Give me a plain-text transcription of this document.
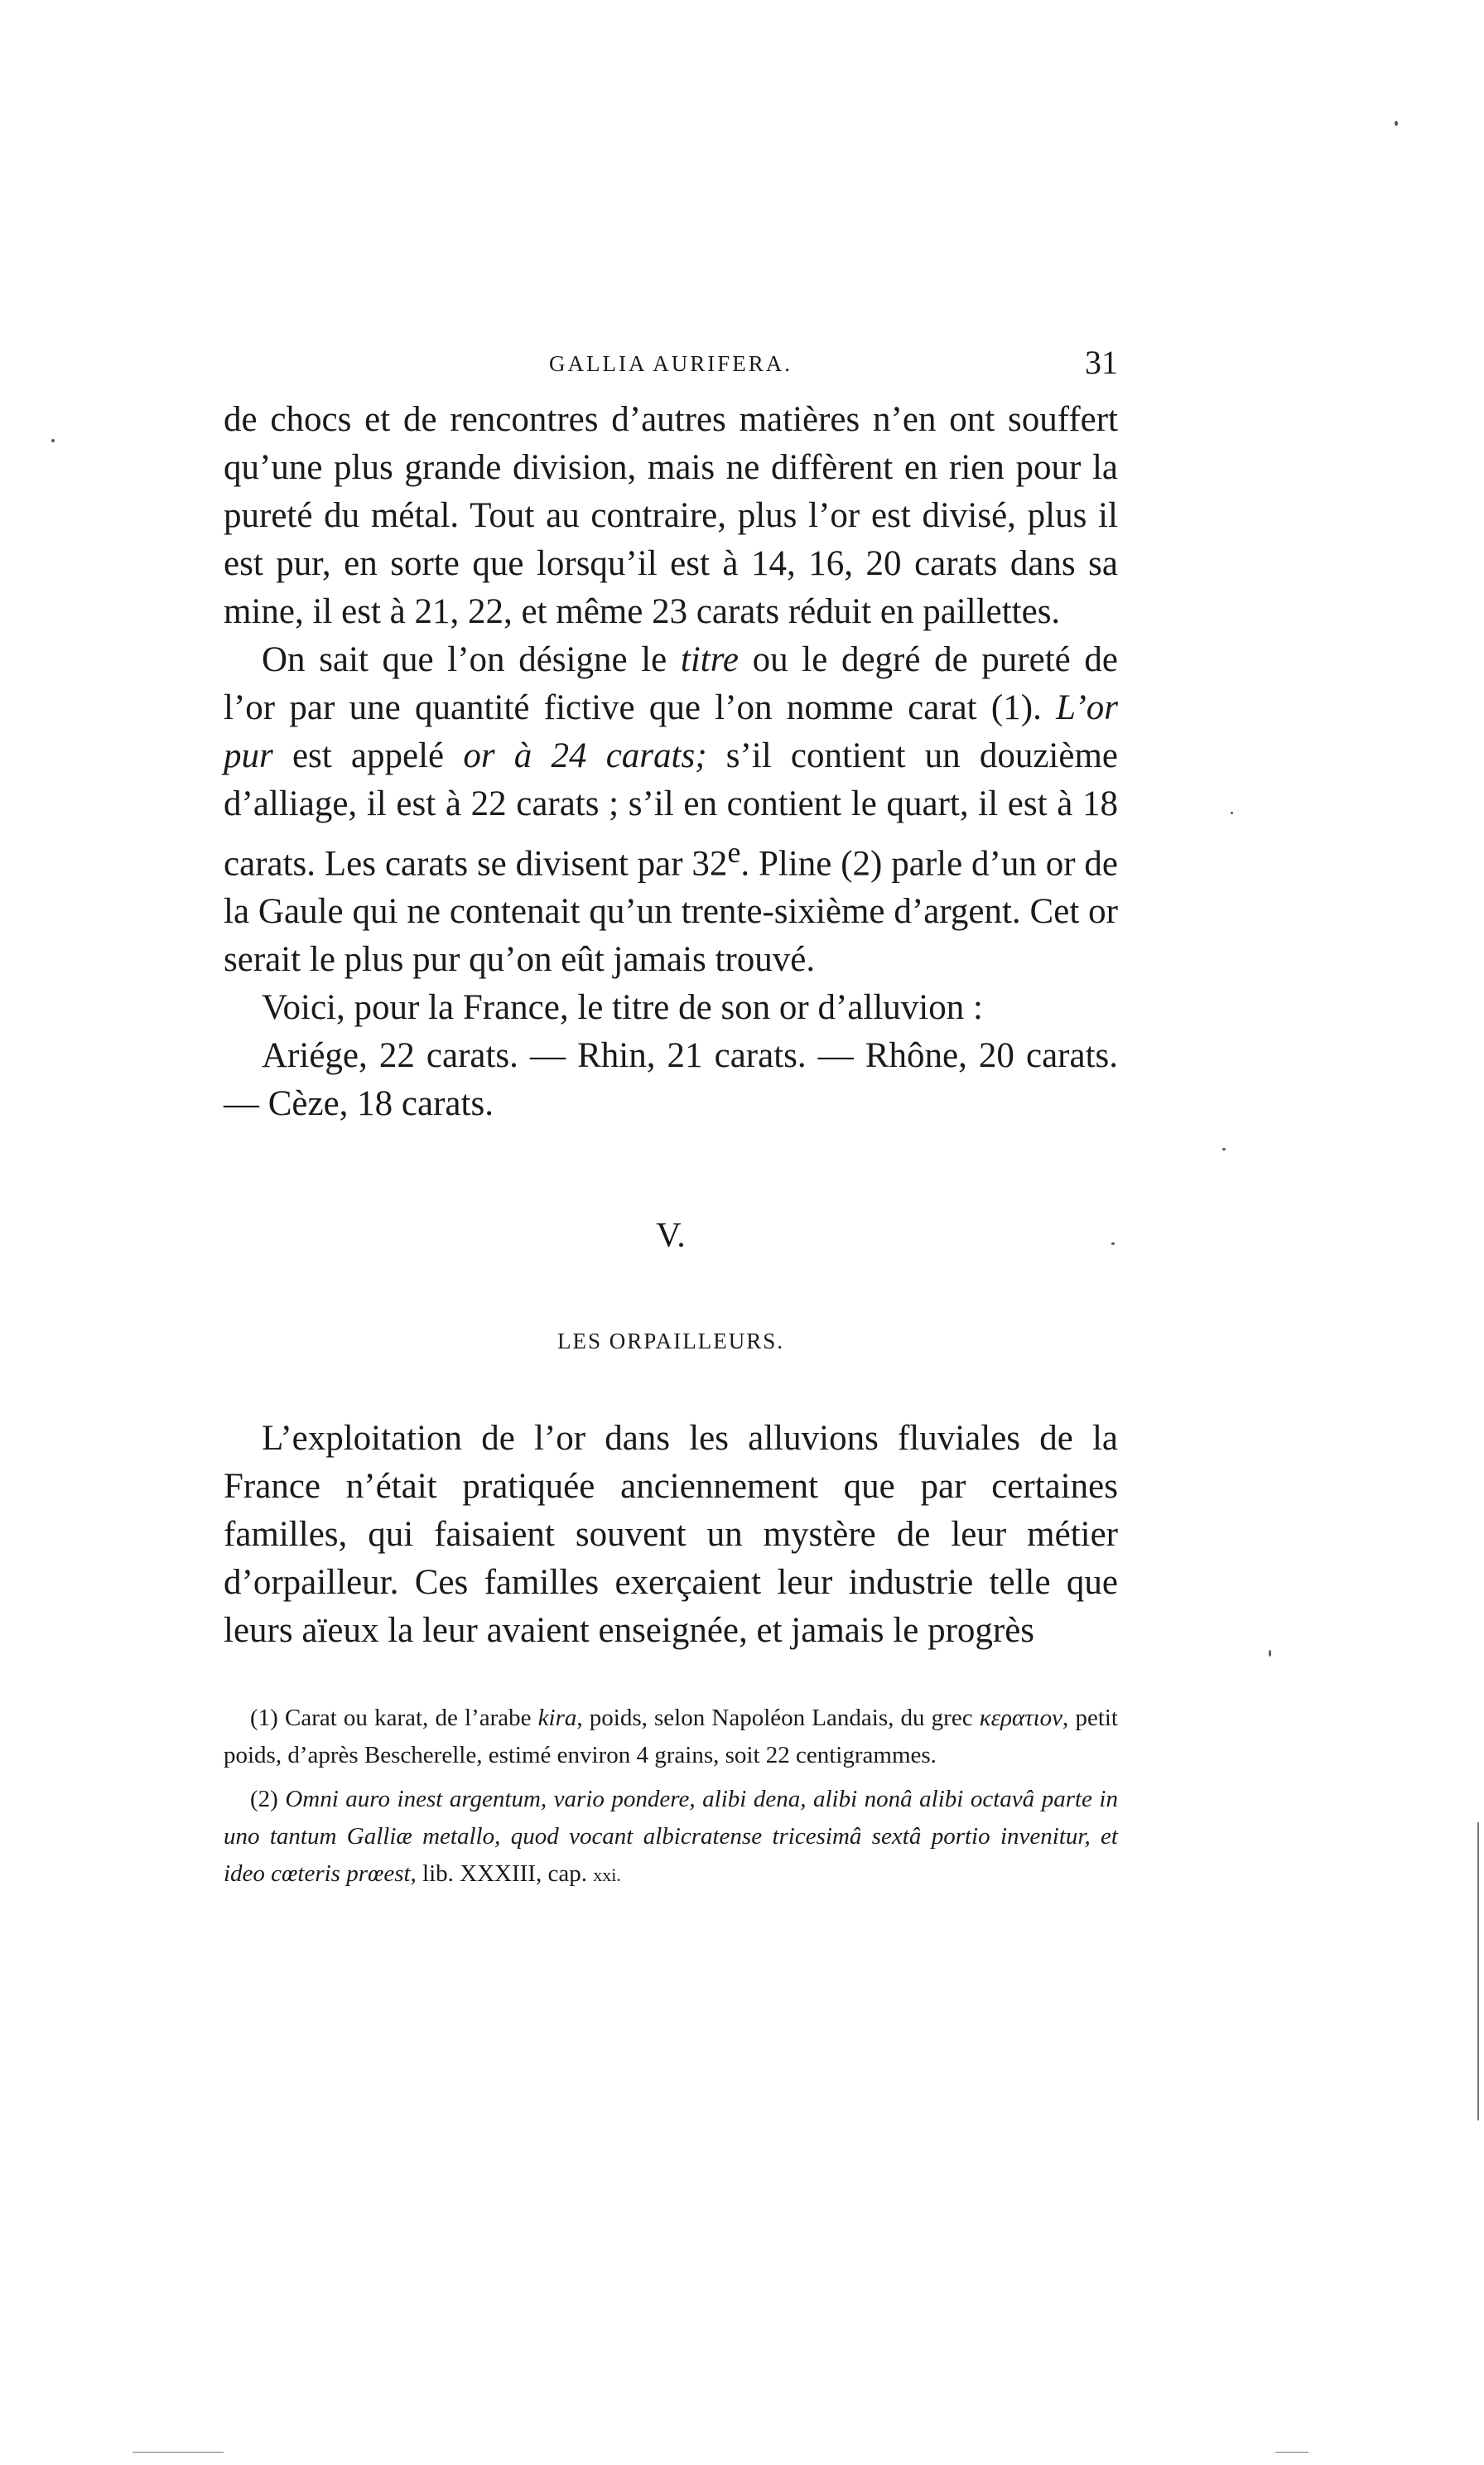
GALLIA AURIFERA.	31

de chocs et de rencontres d’autres matières n’en ont souffert qu’une plus grande division, mais ne diffèrent en rien pour la pureté du métal. Tout au contraire, plus l’or est divisé, plus il est pur, en sorte que lorsqu’il est à 14, 16, 20 carats dans sa mine, il est à 21, 22, et même 23 carats réduit en paillettes.

On sait que l’on désigne le titre ou le degré de pureté de l’or par une quantité fictive que l’on nomme carat (1). L’or pur est appelé or à 24 carats; s’il contient un douzième d’alliage, il est à 22 carats ; s’il en contient le quart, il est à 18 carats. Les carats se divisent par 32e. Pline (2) parle d’un or de la Gaule qui ne contenait qu’un trente-sixième d’argent. Cet or serait le plus pur qu’on eût jamais trouvé.

Voici, pour la France, le titre de son or d’alluvion :

Ariége, 22 carats. — Rhin, 21 carats. — Rhône, 20 carats. — Cèze, 18 carats.

V.
LES ORPAILLEURS.

L’exploitation de l’or dans les alluvions fluviales de la France n’était pratiquée anciennement que par certaines familles, qui faisaient souvent un mystère de leur métier d’orpailleur. Ces familles exerçaient leur industrie telle que leurs aïeux la leur avaient enseignée, et jamais le progrès

(1) Carat ou karat, de l’arabe kira, poids, selon Napoléon Landais, du grec κερατιον, petit poids, d’après Bescherelle, estimé environ 4 grains, soit 22 centigrammes.

(2) Omni auro inest argentum, vario pondere, alibi dena, alibi nonâ alibi octavâ parte in uno tantum Galliæ metallo, quod vocant albicratense tricesimâ sextâ portio invenitur, et ideo cœteris prœest, lib. XXXIII, cap. xxi.
